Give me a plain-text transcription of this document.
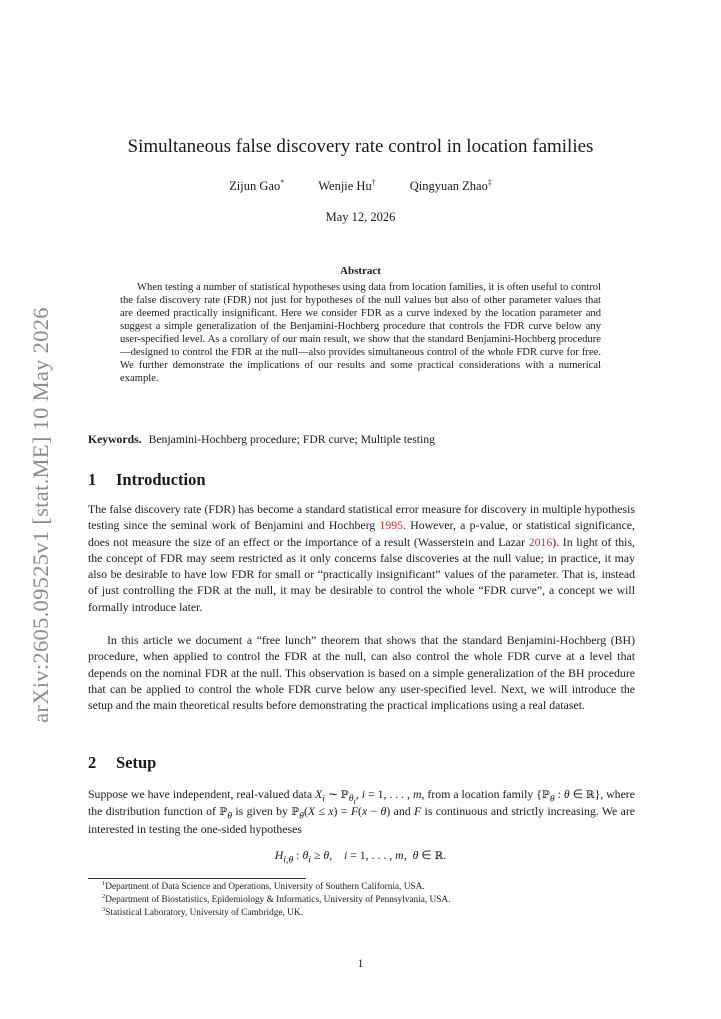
arXiv:2605.09525v1 [stat.ME] 10 May 2026
Simultaneous false discovery rate control in location families
Zijun Gao*	Wenjie Hu†	Qingyuan Zhao‡
May 12, 2026
Abstract
When testing a number of statistical hypotheses using data from location families, it is often useful to control the false discovery rate (FDR) not just for hypotheses of the null values but also of other parameter values that are deemed practically insignificant. Here we consider FDR as a curve indexed by the location parameter and suggest a simple generalization of the Benjamini-Hochberg procedure that controls the FDR curve below any user-specified level. As a corollary of our main result, we show that the standard Benjamini-Hochberg procedure—designed to control the FDR at the null—also provides simultaneous control of the whole FDR curve for free. We further demonstrate the implications of our results and some practical considerations with a numerical example.
Keywords. Benjamini-Hochberg procedure; FDR curve; Multiple testing
1 Introduction
The false discovery rate (FDR) has become a standard statistical error measure for discovery in multiple hypothesis testing since the seminal work of Benjamini and Hochberg 1995. However, a p-value, or statistical significance, does not measure the size of an effect or the importance of a result (Wasserstein and Lazar 2016). In light of this, the concept of FDR may seem restricted as it only concerns false discoveries at the null value; in practice, it may also be desirable to have low FDR for small or “practically insignificant” values of the parameter. That is, instead of just controlling the FDR at the null, it may be desirable to control the whole “FDR curve”, a concept we will formally introduce later.
In this article we document a “free lunch” theorem that shows that the standard Benjamini-Hochberg (BH) procedure, when applied to control the FDR at the null, can also control the whole FDR curve at a level that depends on the nominal FDR at the null. This observation is based on a simple generalization of the BH procedure that can be applied to control the whole FDR curve below any user-specified level. Next, we will introduce the setup and the main theoretical results before demonstrating the practical implications using a real dataset.
2 Setup
Suppose we have independent, real-valued data $X_i$ ∼ ℙ$_{\theta_i}$, i = 1, . . . , m, from a location family {ℙ$_\theta$ : θ ∈ ℝ}, where the distribution function of ℙ$_\theta$ is given by ℙ$_\theta$(X ≤ x) = F(x − θ) and F is continuous and strictly increasing. We are interested in testing the one-sided hypotheses
$H_{i,\theta}$ : $\theta_i \ge \theta$,    i = 1, . . . , m,  θ ∈ ℝ.
$^1$Department of Data Science and Operations, University of Southern California, USA.
$^2$Department of Biostatistics, Epidemiology & Informatics, University of Pennsylvania, USA.
$^3$Statistical Laboratory, University of Cambridge, UK.
1
